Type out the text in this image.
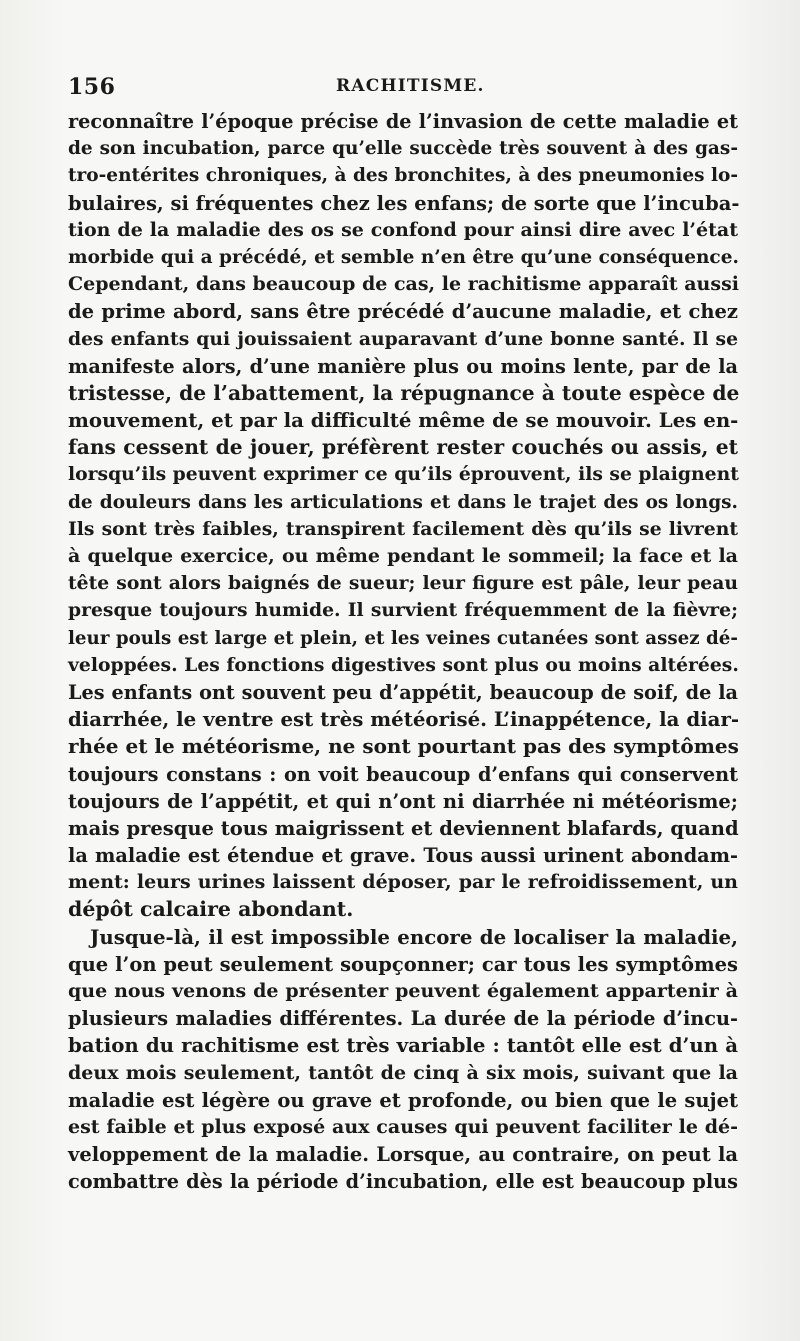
156	RACHITISME.
reconnaître l’époque précise de l’invasion de cette maladie et
de son incubation, parce qu’elle succède très souvent à des gas-
tro-entérites chroniques, à des bronchites, à des pneumonies lo-
bulaires, si fréquentes chez les enfans; de sorte que l’incuba-
tion de la maladie des os se confond pour ainsi dire avec l’état
morbide qui a précédé, et semble n’en être qu’une conséquence.
Cependant, dans beaucoup de cas, le rachitisme apparaît aussi
de prime abord, sans être précédé d’aucune maladie, et chez
des enfants qui jouissaient auparavant d’une bonne santé. Il se
manifeste alors, d’une manière plus ou moins lente, par de la
tristesse, de l’abattement, la répugnance à toute espèce de
mouvement, et par la difficulté même de se mouvoir. Les en-
fans cessent de jouer, préfèrent rester couchés ou assis, et
lorsqu’ils peuvent exprimer ce qu’ils éprouvent, ils se plaignent
de douleurs dans les articulations et dans le trajet des os longs.
Ils sont très faibles, transpirent facilement dès qu’ils se livrent
à quelque exercice, ou même pendant le sommeil; la face et la
tête sont alors baignés de sueur; leur figure est pâle, leur peau
presque toujours humide. Il survient fréquemment de la fièvre;
leur pouls est large et plein, et les veines cutanées sont assez dé-
veloppées. Les fonctions digestives sont plus ou moins altérées.
Les enfants ont souvent peu d’appétit, beaucoup de soif, de la
diarrhée, le ventre est très météorisé. L’inappétence, la diar-
rhée et le météorisme, ne sont pourtant pas des symptômes
toujours constans : on voit beaucoup d’enfans qui conservent
toujours de l’appétit, et qui n’ont ni diarrhée ni météorisme;
mais presque tous maigrissent et deviennent blafards, quand
la maladie est étendue et grave. Tous aussi urinent abondam-
ment: leurs urines laissent déposer, par le refroidissement, un
dépôt calcaire abondant.
Jusque-là, il est impossible encore de localiser la maladie,
que l’on peut seulement soupçonner; car tous les symptômes
que nous venons de présenter peuvent également appartenir à
plusieurs maladies différentes. La durée de la période d’incu-
bation du rachitisme est très variable : tantôt elle est d’un à
deux mois seulement, tantôt de cinq à six mois, suivant que la
maladie est légère ou grave et profonde, ou bien que le sujet
est faible et plus exposé aux causes qui peuvent faciliter le dé-
veloppement de la maladie. Lorsque, au contraire, on peut la
combattre dès la période d’incubation, elle est beaucoup plus
